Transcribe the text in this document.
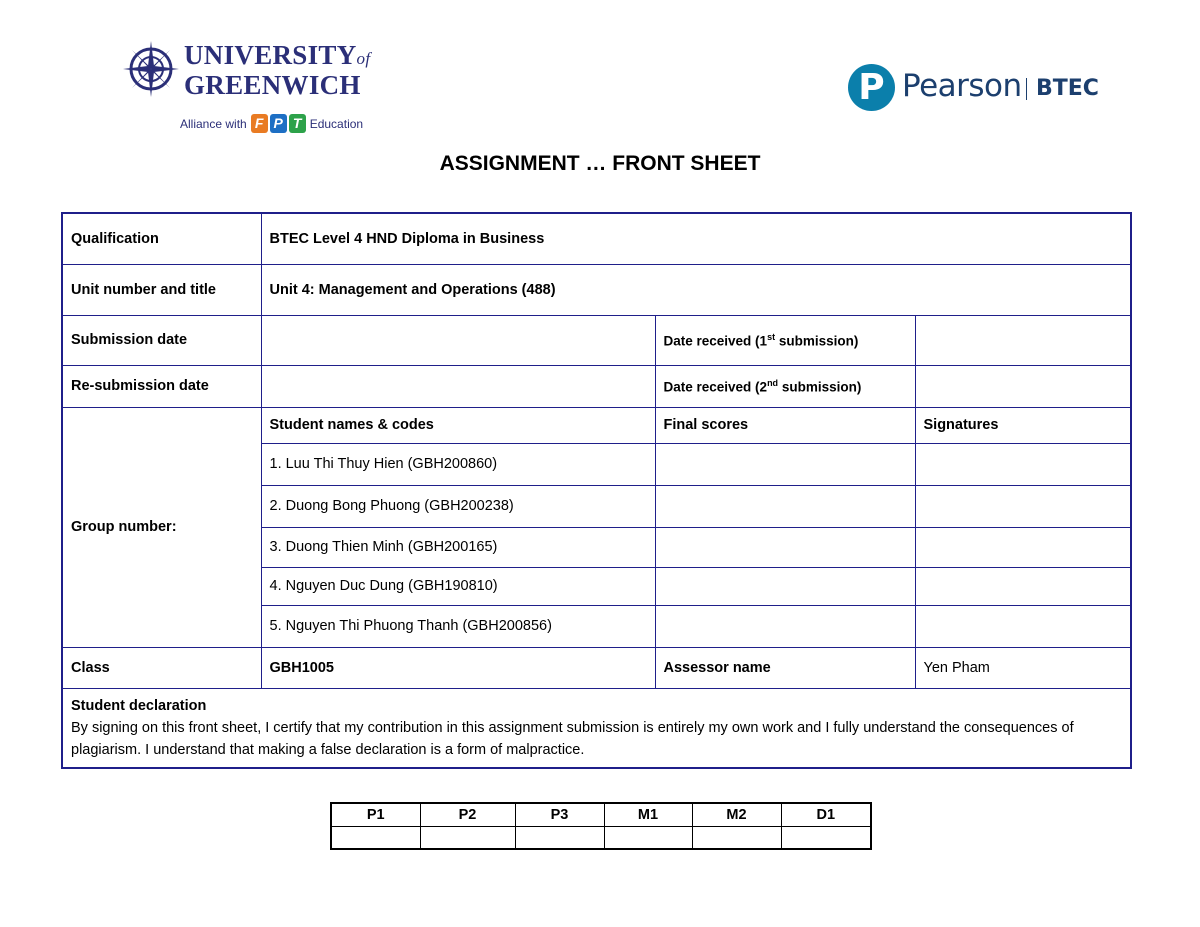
UNIVERSITYof
GREENWICH
Alliance with F P T Education
P Pearson BTEC
ASSIGNMENT … FRONT SHEET
Qualification	BTEC Level 4 HND Diploma in Business		
Unit number and title	Unit 4: Management and Operations (488)		
Submission date		Date received (1st submission)	
Re-submission date		Date received (2nd submission)	
Group number:	Student names & codes	Final scores	Signatures
	1. Luu Thi Thuy Hien (GBH200860)		
	2. Duong Bong Phuong (GBH200238)		
	3. Duong Thien Minh (GBH200165)		
	4. Nguyen Duc Dung (GBH190810)		
	5. Nguyen Thi Phuong Thanh (GBH200856)		
Class	GBH1005	Assessor name	Yen Pham

Student declaration
By signing on this front sheet, I certify that my contribution in this assignment submission is entirely my own work and I fully understand the consequences of plagiarism. I understand that making a false declaration is a form of malpractice.			
P1	P2	P3	M1	M2	D1
